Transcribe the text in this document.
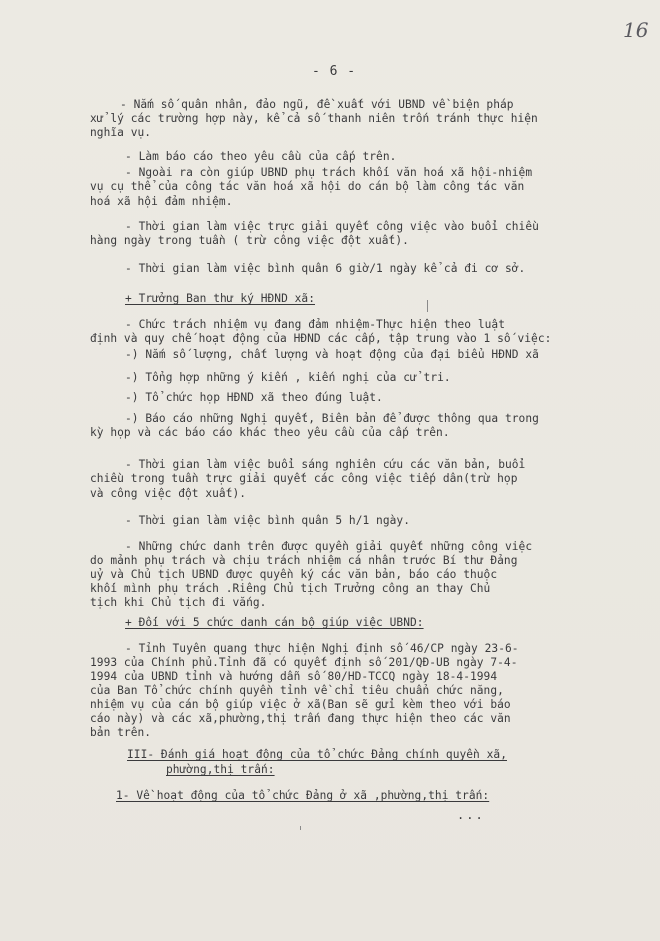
16
- 6 -
- Nắm số quân nhân, đảo ngũ, đề xuất với UBND về biện pháp
xử lý các trường hợp này, kể cả số thanh niên trốn tránh thực hiện
nghĩa vụ.
- Làm báo cáo theo yêu cầu của cấp trên.
- Ngoài ra còn giúp UBND phụ trách khối văn hoá xã hội-nhiệm
vụ cụ thể của công tác văn hoá xã hội do cán bộ làm công tác văn
hoá xã hội đảm nhiệm.
- Thời gian làm việc trực giải quyết công việc vào buổi chiều
hàng ngày trong tuần ( trừ công việc đột xuất).
- Thời gian làm việc bình quân 6 giờ/1 ngày kể cả đi cơ sở.
+ Trưởng Ban thư ký HĐND xã:
- Chức trách nhiệm vụ đang đảm nhiệm-Thực hiện theo luật
định và quy chế hoạt động của HĐND các cấp, tập trung vào 1 số việc:
-) Nắm số lượng, chất lượng và hoạt động của đại biểu HĐND xã
-) Tổng hợp những ý kiến , kiến nghị của cử tri.
-) Tổ chức họp HĐND xã theo đúng luật.
-) Báo cáo những Nghị quyết, Biên bản để được thông qua trong
kỳ họp và các báo cáo khác theo yêu cầu của cấp trên.
- Thời gian làm việc buổi sáng nghiên cứu các văn bản, buổi
chiều trong tuần trực giải quyết các công việc tiếp dân(trừ họp
và công việc đột xuất).
- Thời gian làm việc bình quân 5 h/1 ngày.
- Những chức danh trên được quyền giải quyết những công việc
do mảnh phụ trách và chịu trách nhiệm cá nhân trước Bí thư Đảng
uỷ và Chủ tịch UBND được quyền ký các văn bản, báo cáo thuộc
khối mình phụ trách .Riêng Chủ tịch Trưởng công an thay Chủ
tịch khi Chủ tịch đi vắng.
+ Đối với 5 chức danh cán bộ giúp việc UBND:
- Tỉnh Tuyên quang thực hiện Nghị định số 46/CP ngày 23-6-
1993 của Chính phủ.Tỉnh đã có quyết định số 201/QĐ-UB ngày 7-4-
1994 của UBND tỉnh và hướng dẫn số 80/HD-TCCQ ngày 18-4-1994
của Ban Tổ chức chính quyền tỉnh về chỉ tiêu chuẩn chức năng,
nhiệm vụ của cán bộ giúp việc ở xã(Ban sẽ gửi kèm theo với báo
cáo này) và các xã,phường,thị trấn đang thực hiện theo các văn
bản trên.
III- Đánh giá hoạt động của tổ chức Đảng chính quyền xã,
phường,thị trấn:
1- Về hoạt động của tổ chức Đảng ở xã ,phường,thị trấn:
...
